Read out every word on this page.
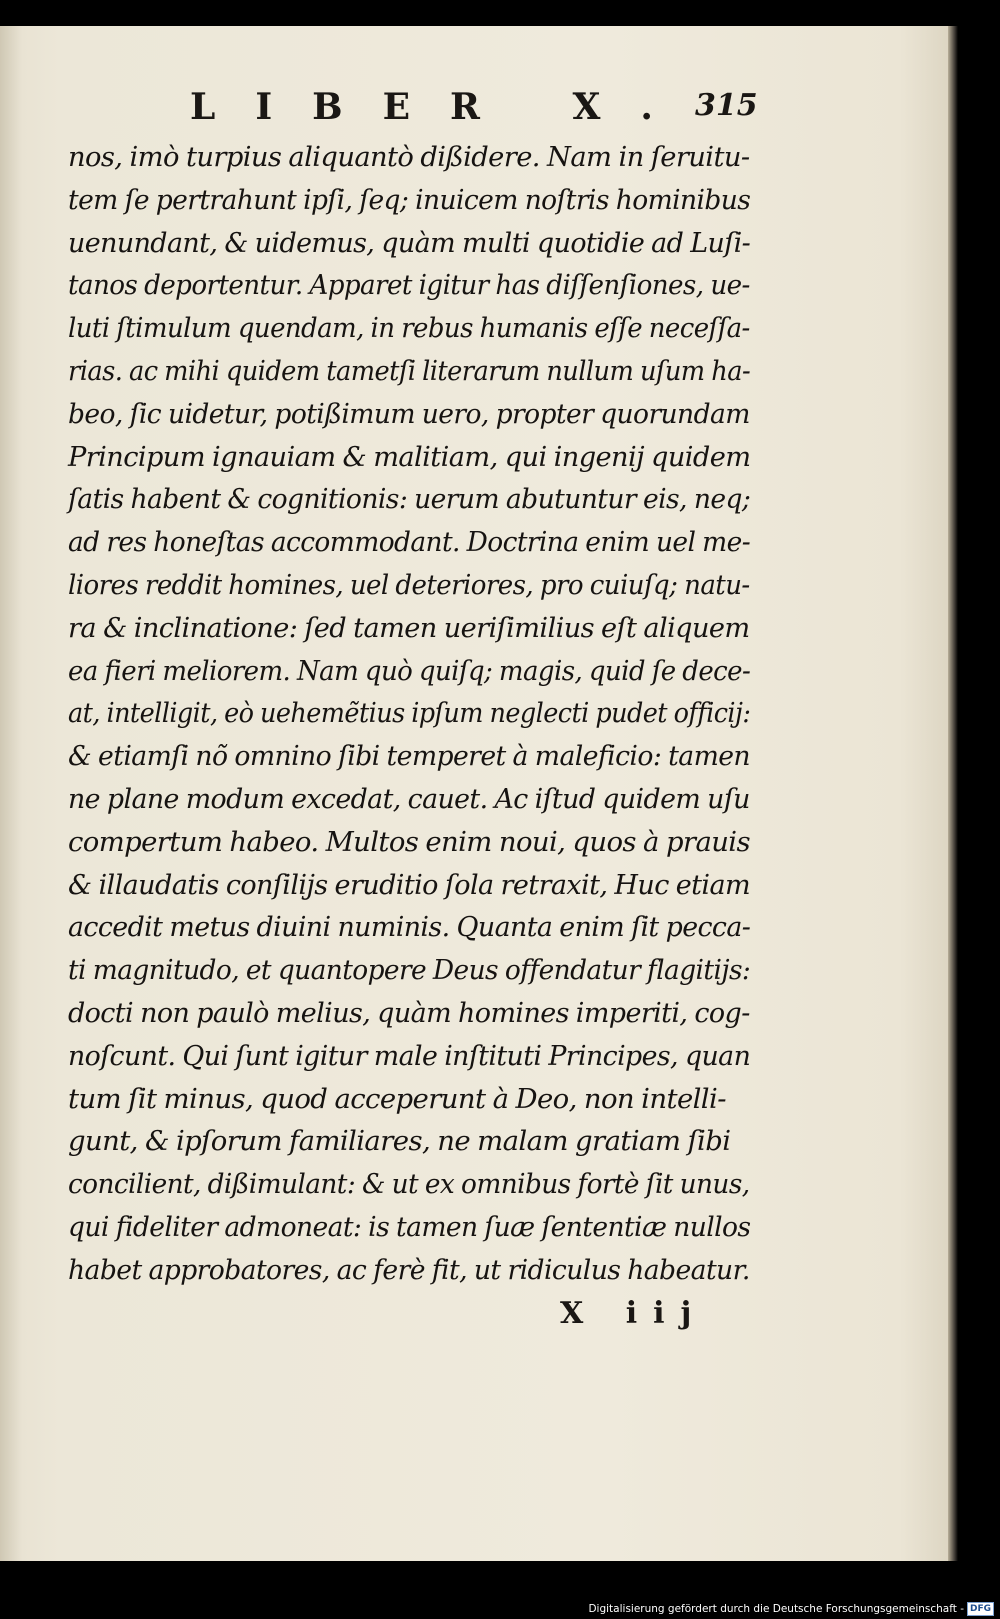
LIBER X. 315
nos, imò turpius aliquantò dißidere. Nam in ſeruitu-
tem ſe pertrahunt ipſi, ſeq; inuicem noſtris hominibus
uenundant, & uidemus, quàm multi quotidie ad Luſi-
tanos deportentur. Apparet igitur has diſſenſiones, ue-
luti ſtimulum quendam, in rebus humanis eſſe neceſſa-
rias. ac mihi quidem tametſi literarum nullum uſum ha-
beo, ſic uidetur, potißimum uero, propter quorundam
Principum ignauiam & malitiam, qui ingenij quidem
ſatis habent & cognitionis: uerum abutuntur eis, neq;
ad res honeſtas accommodant. Doctrina enim uel me-
liores reddit homines, uel deteriores, pro cuiuſq; natu-
ra & inclinatione: ſed tamen ueriſimilius eſt aliquem
ea fieri meliorem. Nam quò quiſq; magis, quid ſe dece-
at, intelligit, eò uehemẽtius ipſum neglecti pudet officij:
& etiamſi nõ omnino ſibi temperet à maleficio: tamen
ne plane modum excedat, cauet. Ac iſtud quidem uſu
compertum habeo. Multos enim noui, quos à prauis
& illaudatis conſilijs eruditio ſola retraxit, Huc etiam
accedit metus diuini numinis. Quanta enim ſit pecca-
ti magnitudo, et quantopere Deus offendatur flagitijs:
docti non paulò melius, quàm homines imperiti, cog-
noſcunt. Qui ſunt igitur male inſtituti Principes, quan
tum ſit minus, quod acceperunt à Deo, non intelli-
gunt, & ipſorum familiares, ne malam gratiam ſibi
concilient, dißimulant: & ut ex omnibus fortè ſit unus,
qui fideliter admoneat: is tamen ſuæ ſententiæ nullos
habet approbatores, ac ferè fit, ut ridiculus habeatur.
X iij
Digitalisierung gefördert durch die Deutsche Forschungsgemeinschaft - DFG
